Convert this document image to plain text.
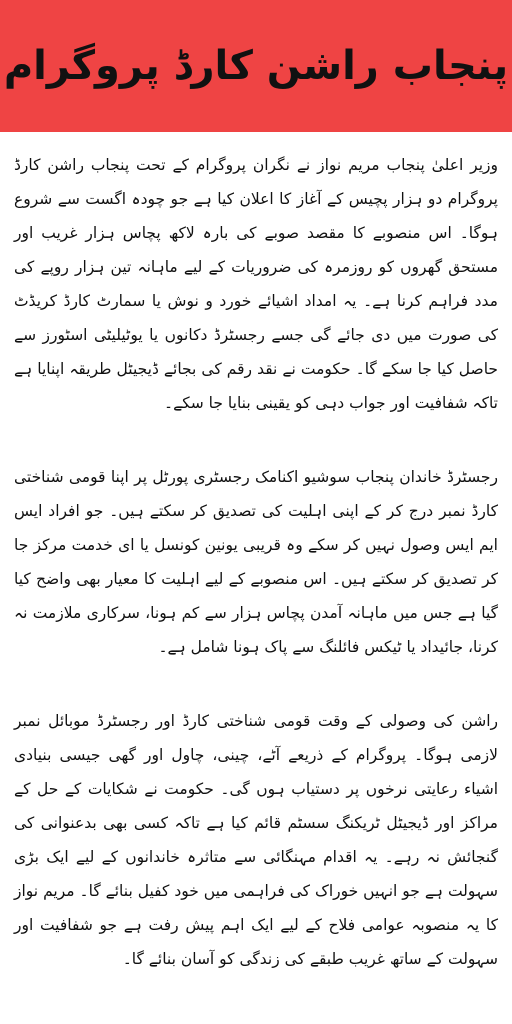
پنجاب راشن کارڈ پروگرام

وزیر اعلیٰ پنجاب مریم نواز نے نگران پروگرام کے تحت پنجاب راشن کارڈ پروگرام دو ہزار پچیس کے آغاز کا اعلان کیا ہے جو چودہ اگست سے شروع ہوگا۔ اس منصوبے کا مقصد صوبے کی بارہ لاکھ پچاس ہزار غریب اور مستحق گھروں کو روزمرہ کی ضروریات کے لیے ماہانہ تین ہزار روپے کی مدد فراہم کرنا ہے۔ یہ امداد اشیائے خورد و نوش یا سمارٹ کارڈ کریڈٹ کی صورت میں دی جائے گی جسے رجسٹرڈ دکانوں یا یوٹیلیٹی اسٹورز سے حاصل کیا جا سکے گا۔ حکومت نے نقد رقم کی بجائے ڈیجیٹل طریقہ اپنایا ہے تاکہ شفافیت اور جواب دہی کو یقینی بنایا جا سکے۔

رجسٹرڈ خاندان پنجاب سوشیو اکنامک رجسٹری پورٹل پر اپنا قومی شناختی کارڈ نمبر درج کر کے اپنی اہلیت کی تصدیق کر سکتے ہیں۔ جو افراد ایس ایم ایس وصول نہیں کر سکے وہ قریبی یونین کونسل یا ای خدمت مرکز جا کر تصدیق کر سکتے ہیں۔ اس منصوبے کے لیے اہلیت کا معیار بھی واضح کیا گیا ہے جس میں ماہانہ آمدن پچاس ہزار سے کم ہونا، سرکاری ملازمت نہ کرنا، جائیداد یا ٹیکس فائلنگ سے پاک ہونا شامل ہے۔

راشن کی وصولی کے وقت قومی شناختی کارڈ اور رجسٹرڈ موبائل نمبر لازمی ہوگا۔ پروگرام کے ذریعے آٹے، چینی، چاول اور گھی جیسی بنیادی اشیاء رعایتی نرخوں پر دستیاب ہوں گی۔ حکومت نے شکایات کے حل کے مراکز اور ڈیجیٹل ٹریکنگ سسٹم قائم کیا ہے تاکہ کسی بھی بدعنوانی کی گنجائش نہ رہے۔ یہ اقدام مہنگائی سے متاثرہ خاندانوں کے لیے ایک بڑی سہولت ہے جو انہیں خوراک کی فراہمی میں خود کفیل بنائے گا۔ مریم نواز کا یہ منصوبہ عوامی فلاح کے لیے ایک اہم پیش رفت ہے جو شفافیت اور سہولت کے ساتھ غریب طبقے کی زندگی کو آسان بنائے گا۔
